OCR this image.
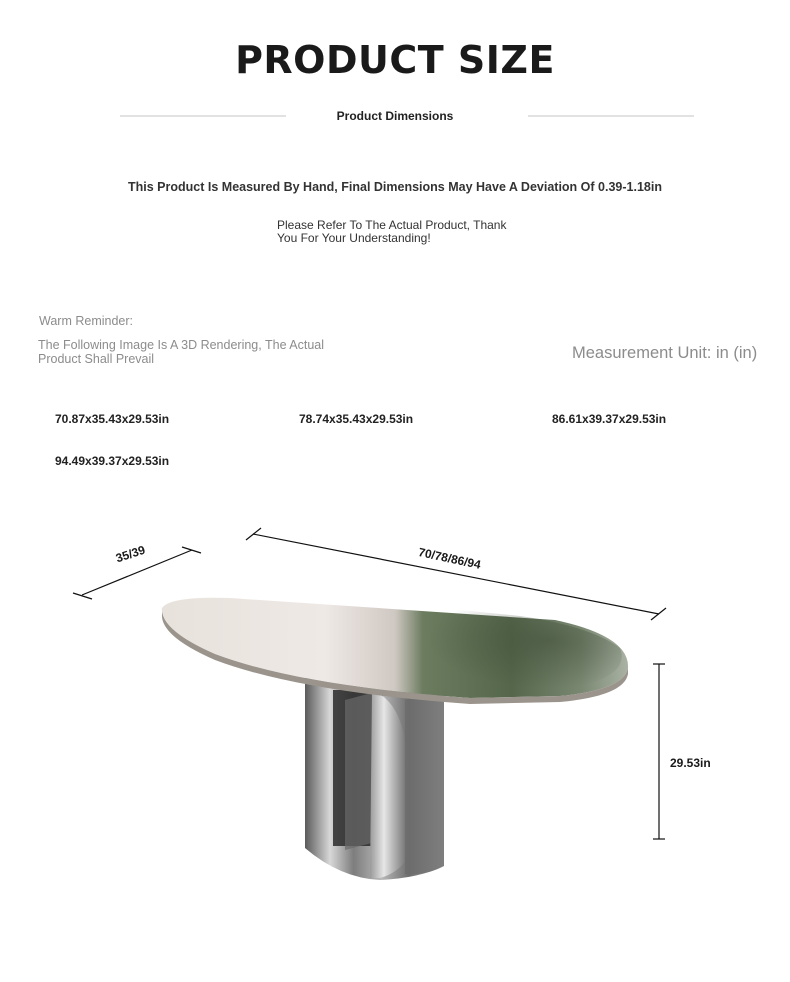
PRODUCT SIZE
Product Dimensions
This Product Is Measured By Hand, Final Dimensions May Have A Deviation Of 0.39-1.18in
Please Refer To The Actual Product, Thank You For Your Understanding!
Warm Reminder:
The Following Image Is A 3D Rendering, The Actual Product Shall Prevail	Measurement Unit: in (in)
70.87x35.43x29.53in	78.74x35.43x29.53in	86.61x39.37x29.53in
94.49x39.37x29.53in
70/78/86/94
35/39
29.53in
